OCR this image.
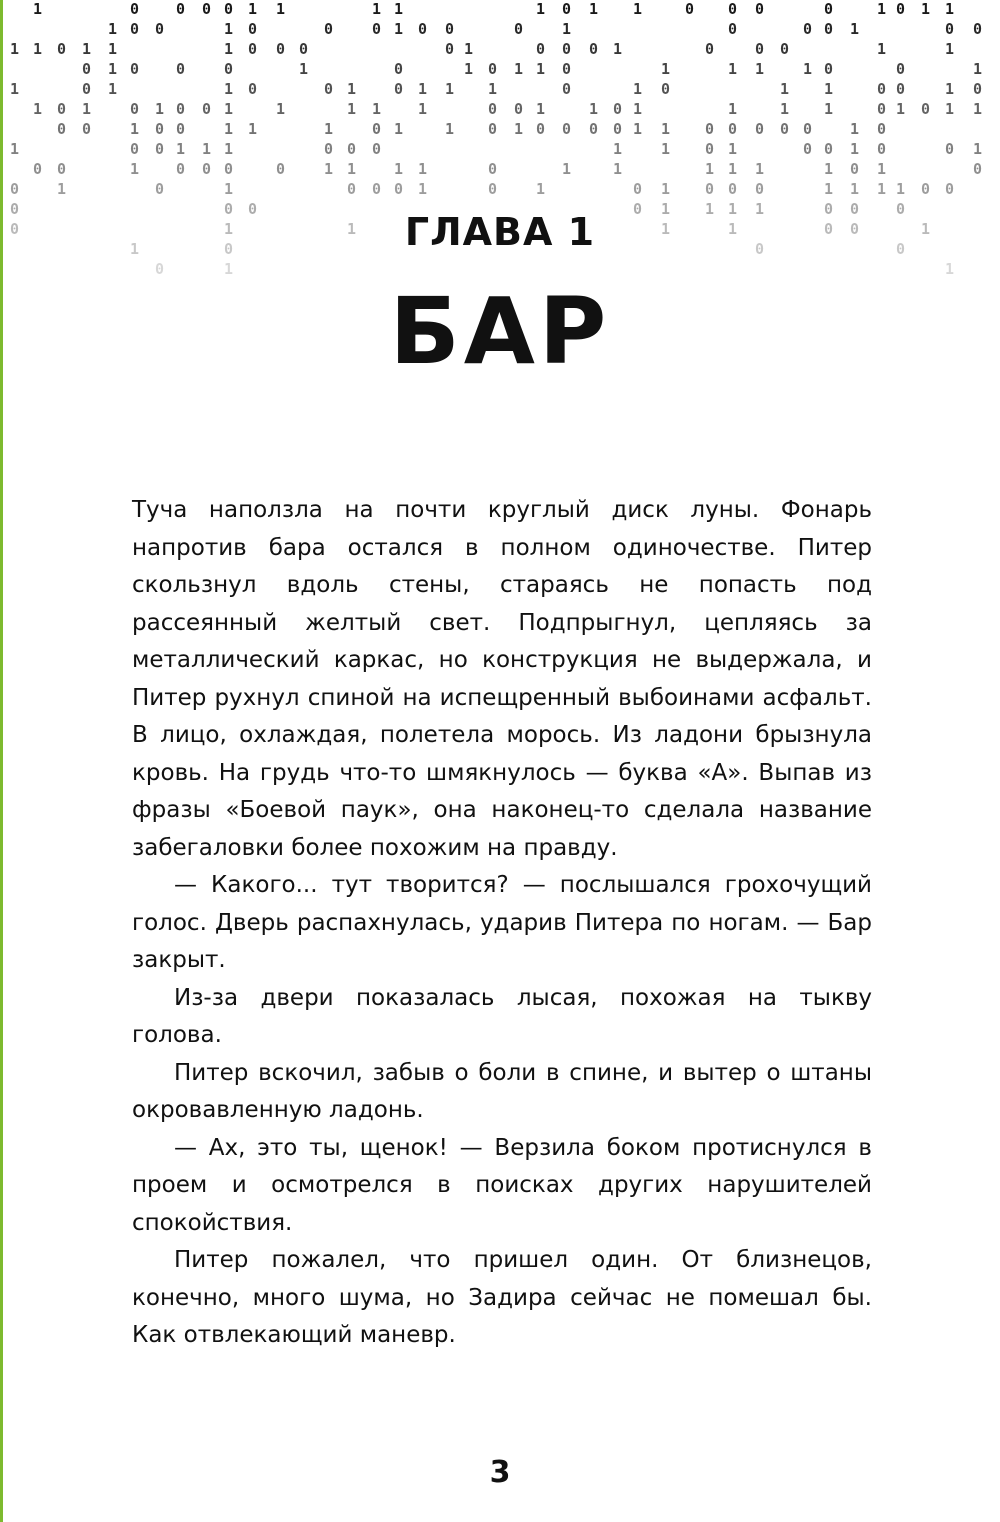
1
1
1
0
0
0
1
1
1
0
0
0
0
0
1
1
0
0
1
0
1
1
1
1
0
0
0
0
1
0
1
1
0
1
0
0
0
0
0
0
0
0
1
0
0
0
1
0
0
1
1
0
1
1
1
1
0
1
0
1
0
1
1
0
0
0
1
0
1
0
1
0
0
1
0
0
1
0
1
1
1
0
1
0
1
1
0
1
0
0
0
1
1
0
0
1
1
0
0
1
1
1
1
0
0
1
1
1
1 0
1
0
0
0
0
0
1
0
1
1
0
1
1
0
1
0
1
0
0
0
0
1
1
0
1
0
1
0
0
1
1
1
1
1
1
0
0
1
0
1
1
1
1
1
0
0
0
0
1
0
1
0
0
1
1
0
1
1
0
1
1
0
0
1
0
1
0
1
0
0
1
1
0
0
1
0
0
0
0
0
1
1
0
1
1
0
0
1
1
1
0
1
0
0
1
1
0
0
0
0
1
1
0
0
0
1
1
0
0
1
0
0
1
1
0
1
1
1
0
0
1
0
1
0
1
1
0
ГЛАВА 1
БАР

Туча наползла на почти круглый диск луны. Фонарь напротив бара остался в полном одиночестве. Питер скользнул вдоль стены, стараясь не попасть под рассеянный желтый свет. Подпрыгнул, цепляясь за металлический каркас, но конструкция не выдержала, и Питер рухнул спиной на испещренный выбоинами асфальт. В лицо, охлаждая, полетела морось. Из ладони брызнула кровь. На грудь что-то шмякнулось — буква «А». Выпав из фразы «Боевой паук», она наконец-то сделала название забегаловки более похожим на правду.

— Какого... тут творится? — послышался грохочущий голос. Дверь распахнулась, ударив Питера по ногам. — Бар закрыт.

Из-за двери показалась лысая, похожая на тыкву голова.

Питер вскочил, забыв о боли в спине, и вытер о штаны окровавленную ладонь.

— Ах, это ты, щенок! — Верзила боком протиснулся в проем и осмотрелся в поисках других нарушителей спокойствия.

Питер пожалел, что пришел один. От близнецов, конечно, много шума, но Задира сейчас не помешал бы. Как отвлекающий маневр.

3
